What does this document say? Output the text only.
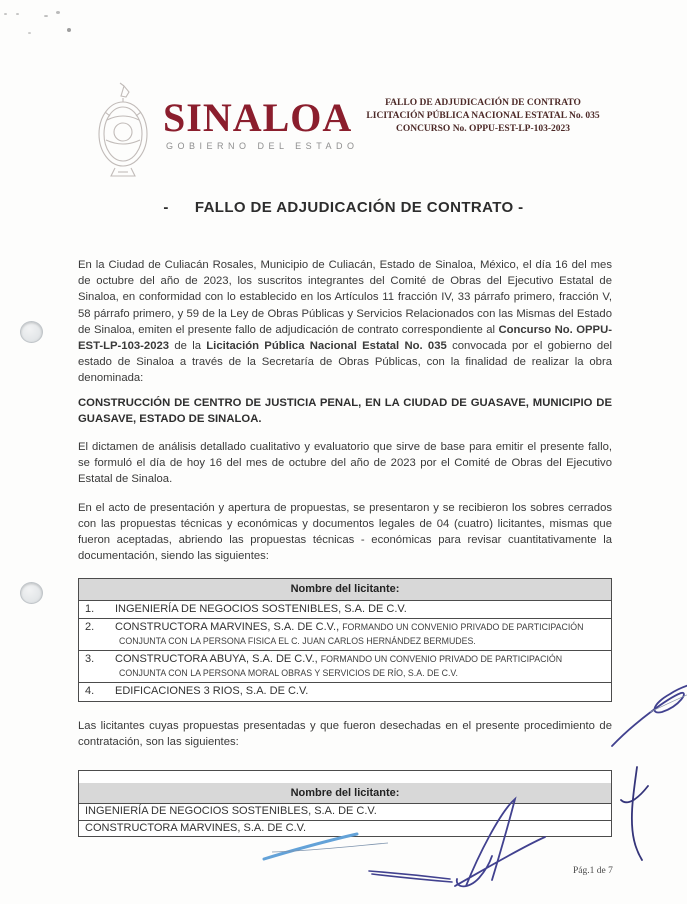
SINALOA
GOBIERNO DEL ESTADO
FALLO DE ADJUDICACIÓN DE CONTRATO
LICITACIÓN PÚBLICA NACIONAL ESTATAL No. 035
CONCURSO No. OPPU-EST-LP-103-2023
- FALLO DE ADJUDICACIÓN DE CONTRATO -

En la Ciudad de Culiacán Rosales, Municipio de Culiacán, Estado de Sinaloa, México, el día 16 del mes de octubre del año de 2023, los suscritos integrantes del Comité de Obras del Ejecutivo Estatal de Sinaloa, en conformidad con lo establecido en los Artículos 11 fracción IV, 33 párrafo primero, fracción V, 58 párrafo primero, y 59 de la Ley de Obras Públicas y Servicios Relacionados con las Mismas del Estado de Sinaloa, emiten el presente fallo de adjudicación de contrato correspondiente al Concurso No. OPPU-EST-LP-103-2023 de la Licitación Pública Nacional Estatal No. 035 convocada por el gobierno del estado de Sinaloa a través de la Secretaría de Obras Públicas, con la finalidad de realizar la obra denominada:

CONSTRUCCIÓN DE CENTRO DE JUSTICIA PENAL, EN LA CIUDAD DE GUASAVE, MUNICIPIO DE GUASAVE, ESTADO DE SINALOA.

El dictamen de análisis detallado cualitativo y evaluatorio que sirve de base para emitir el presente fallo, se formuló el día de hoy 16 del mes de octubre del año de 2023 por el Comité de Obras del Ejecutivo Estatal de Sinaloa.

En el acto de presentación y apertura de propuestas, se presentaron y se recibieron los sobres cerrados con las propuestas técnicas y económicas y documentos legales de 04 (cuatro) licitantes, mismas que fueron aceptadas, abriendo las propuestas técnicas - económicas para revisar cuantitativamente la documentación, siendo las siguientes:

Nombre del licitante:
1. INGENIERÍA DE NEGOCIOS SOSTENIBLES, S.A. DE C.V.
2. CONSTRUCTORA MARVINES, S.A. DE C.V., FORMANDO UN CONVENIO PRIVADO DE PARTICIPACIÓN CONJUNTA CON LA PERSONA FISICA EL C. JUAN CARLOS HERNÁNDEZ BERMUDES.
3. CONSTRUCTORA ABUYA, S.A. DE C.V., FORMANDO UN CONVENIO PRIVADO DE PARTICIPACIÓN CONJUNTA CON LA PERSONA MORAL OBRAS Y SERVICIOS DE RÍO, S.A. DE C.V.
4. EDIFICACIONES 3 RIOS, S.A. DE C.V.

Las licitantes cuyas propuestas presentadas y que fueron desechadas en el presente procedimiento de contratación, son las siguientes:

Nombre del licitante:
INGENIERÍA DE NEGOCIOS SOSTENIBLES, S.A. DE C.V.
CONSTRUCTORA MARVINES, S.A. DE C.V.
Pág.1 de 7
